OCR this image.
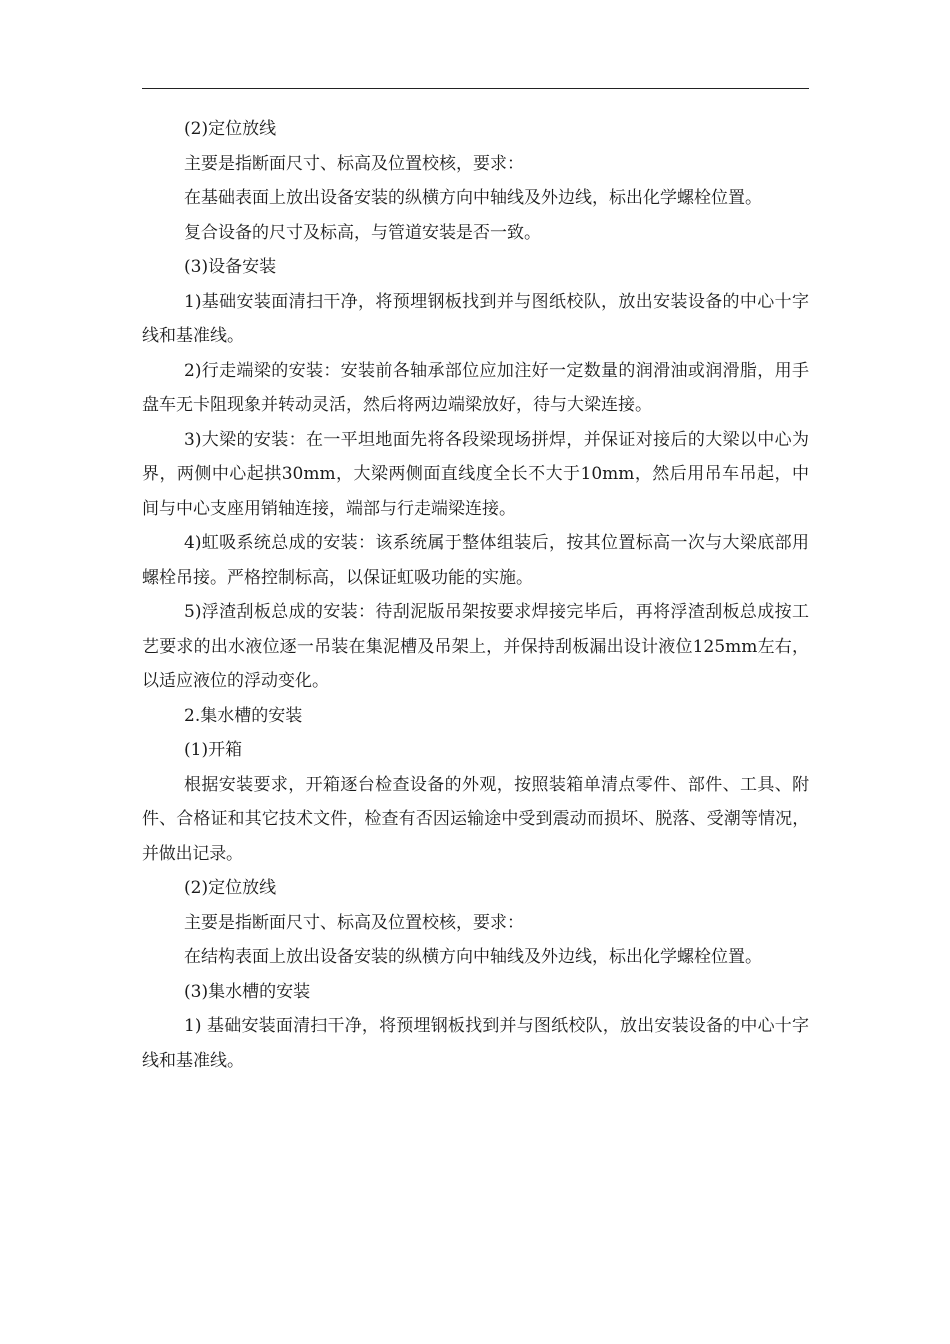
(2)定位放线

主要是指断面尺寸、标高及位置校核，要求：

在基础表面上放出设备安装的纵横方向中轴线及外边线，标出化学螺栓位置。

复合设备的尺寸及标高，与管道安装是否一致。

(3)设备安装

1)基础安装面清扫干净，将预埋钢板找到并与图纸校队，放出安装设备的中心十字线和基准线。

2)行走端梁的安装：安装前各轴承部位应加注好一定数量的润滑油或润滑脂，用手盘车无卡阻现象并转动灵活，然后将两边端梁放好，待与大梁连接。

3)大梁的安装：在一平坦地面先将各段梁现场拼焊，并保证对接后的大梁以中心为界，两侧中心起拱30mm，大梁两侧面直线度全长不大于10mm，然后用吊车吊起，中间与中心支座用销轴连接，端部与行走端梁连接。

4)虹吸系统总成的安装：该系统属于整体组装后，按其位置标高一次与大梁底部用螺栓吊接。严格控制标高，以保证虹吸功能的实施。

5)浮渣刮板总成的安装：待刮泥版吊架按要求焊接完毕后，再将浮渣刮板总成按工艺要求的出水液位逐一吊装在集泥槽及吊架上，并保持刮板漏出设计液位125mm左右，以适应液位的浮动变化。

2.集水槽的安装

(1)开箱

根据安装要求，开箱逐台检查设备的外观，按照装箱单清点零件、部件、工具、附件、合格证和其它技术文件，检查有否因运输途中受到震动而损坏、脱落、受潮等情况，并做出记录。

(2)定位放线

主要是指断面尺寸、标高及位置校核，要求：

在结构表面上放出设备安装的纵横方向中轴线及外边线，标出化学螺栓位置。

(3)集水槽的安装

1) 基础安装面清扫干净，将预埋钢板找到并与图纸校队，放出安装设备的中心十字线和基准线。
